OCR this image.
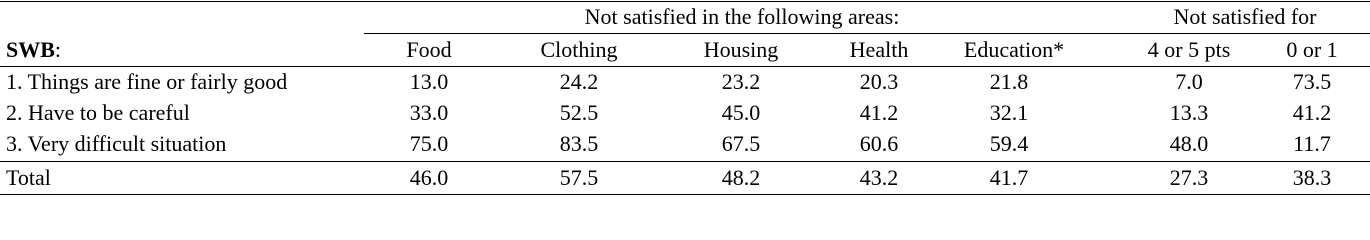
Not satisfied in the following areas:	Not satisfied for
SWB:	Food	Clothing	Housing	Health	Education*	4 or 5 pts	0 or 1
1. Things are fine or fairly good	13.0	24.2	23.2	20.3	21.8	7.0	73.5
2. Have to be careful	33.0	52.5	45.0	41.2	32.1	13.3	41.2
3. Very difficult situation	75.0	83.5	67.5	60.6	59.4	48.0	11.7
Total	46.0	57.5	48.2	43.2	41.7	27.3	38.3
